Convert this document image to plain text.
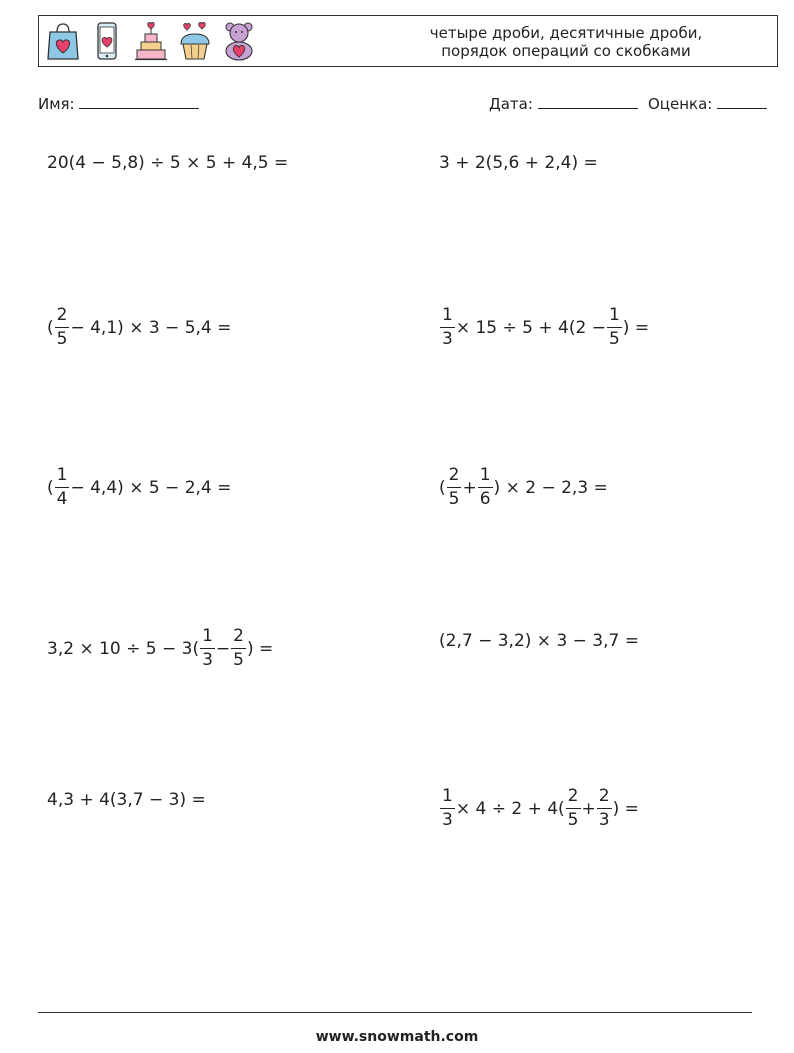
четыре дроби, десятичные дроби,
порядок операций со скобками
Имя:	Дата:	Оценка:
20(4 − 5,8) ÷ 5 × 5 + 4,5 =	3 + 2(5,6 + 2,4) =
( $\frac{2}{5} - 4,1) \times 3 - 5,4$ =	$\frac{1}{3} \times 15 \div 5 + 4(2 - \frac{1}{5}$ ) =
( $\frac{1}{4} - 4,4) \times 5 - 2,4$ =	( $\frac{2}{5} + \frac{1}{6}$ ) × 2 − 2,3 =
$3,2 \times 10 \div 5 - 3( \frac{1}{3} - \frac{2}{5}$ ) =	(2,7 − 3,2) × 3 − 3,7 =
4,3 + 4(3,7 − 3) =	$\frac{1}{3} \times 4 \div 2 + 4( \frac{2}{5} + \frac{2}{3}$ ) =
www.snowmath.com
